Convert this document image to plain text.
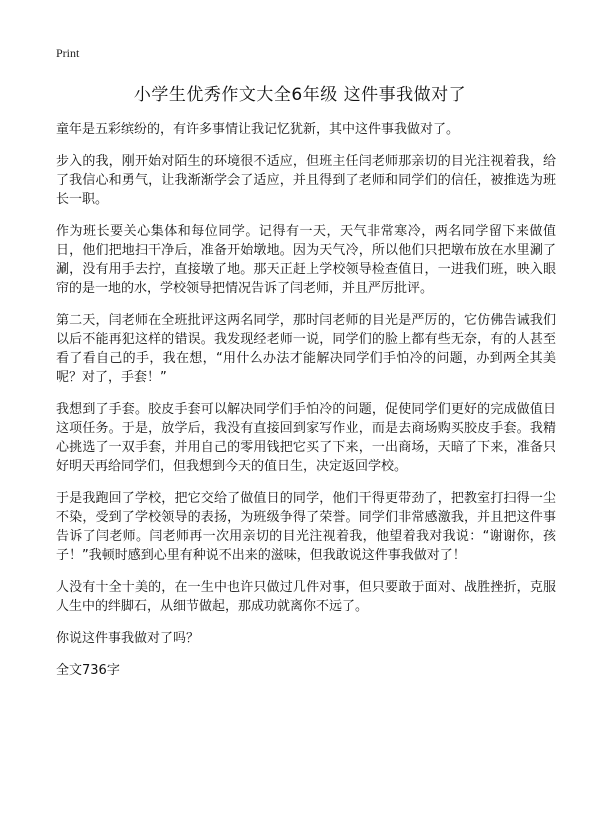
Print
小学生优秀作文大全6年级 这件事我做对了

童年是五彩缤纷的，有许多事情让我记忆犹新，其中这件事我做对了。

步入的我，刚开始对陌生的环境很不适应，但班主任闫老师那亲切的目光注视着我，给了我信心和勇气，让我渐渐学会了适应，并且得到了老师和同学们的信任，被推选为班长一职。

作为班长要关心集体和每位同学。记得有一天，天气非常寒冷，两名同学留下来做值日，他们把地扫干净后，准备开始墩地。因为天气冷，所以他们只把墩布放在水里涮了涮，没有用手去拧，直接墩了地。那天正赶上学校领导检查值日，一进我们班，映入眼帘的是一地的水，学校领导把情况告诉了闫老师，并且严厉批评。

第二天，闫老师在全班批评这两名同学，那时闫老师的目光是严厉的，它仿佛告诫我们以后不能再犯这样的错误。我发现经老师一说，同学们的脸上都有些无奈，有的人甚至看了看自己的手，我在想，“用什么办法才能解决同学们手怕冷的问题，办到两全其美呢？对了，手套！”

我想到了手套。胶皮手套可以解决同学们手怕冷的问题，促使同学们更好的完成做值日这项任务。于是，放学后，我没有直接回到家写作业，而是去商场购买胶皮手套。我精心挑选了一双手套，并用自己的零用钱把它买了下来，一出商场，天暗了下来，准备只好明天再给同学们，但我想到今天的值日生，决定返回学校。

于是我跑回了学校，把它交给了做值日的同学，他们干得更带劲了，把教室打扫得一尘不染，受到了学校领导的表扬，为班级争得了荣誉。同学们非常感激我，并且把这件事告诉了闫老师。闫老师再一次用亲切的目光注视着我，他望着我对我说：“谢谢你，孩子！”我顿时感到心里有种说不出来的滋味，但我敢说这件事我做对了！

人没有十全十美的，在一生中也许只做过几件对事，但只要敢于面对、战胜挫折，克服人生中的绊脚石，从细节做起，那成功就离你不远了。

你说这件事我做对了吗？

全文736字
